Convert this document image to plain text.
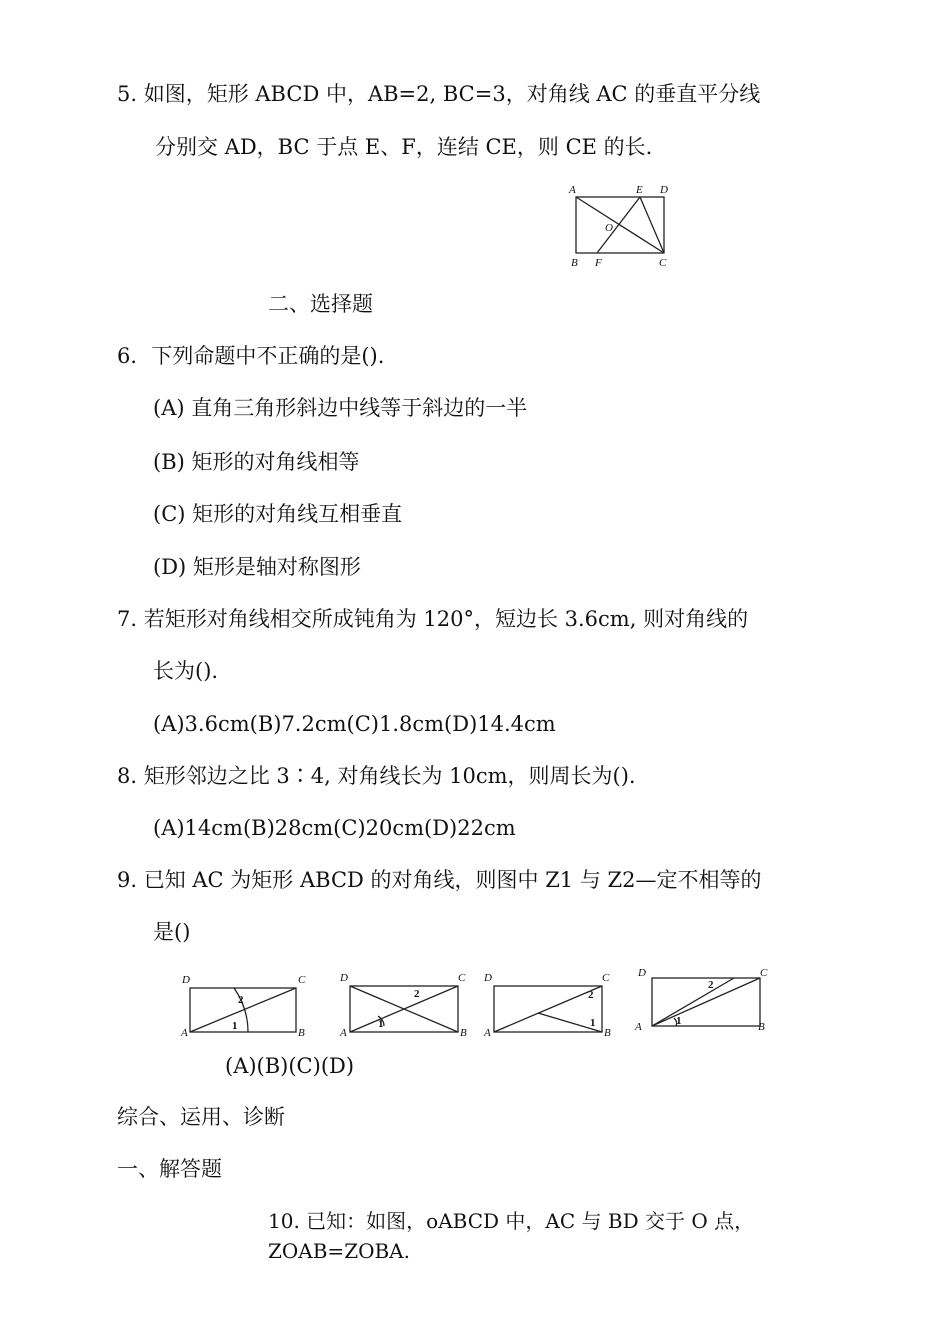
5. 如图，矩形 ABCD 中，AB=2, BC=3，对角线 AC 的垂直平分线
分别交 AD，BC 于点 E、F，连结 CE，则 CE 的长.
A	E D
O
B F	C
二、选择题
6．下列命题中不正确的是().
(A) 直角三角形斜边中线等于斜边的一半
(B) 矩形的对角线相等
(C) 矩形的对角线互相垂直
(D) 矩形是轴对称图形
7. 若矩形对角线相交所成钝角为 120°，短边长 3.6cm, 则对角线的
长为().
(A)3.6cm(B)7.2cm(C)1.8cm(D)14.4cm
8. 矩形邻边之比 3∶4, 对角线长为 10cm，则周长为().
(A)14cm(B)28cm(C)20cm(D)22cm
9. 已知 AC 为矩形 ABCD 的对角线，则图中 Z1 与 Z2—定不相等的
是()
D	C
A	B
2
1
D	C
A	B
2
1
D	C
A	B
2
1
D	C
A	B
2
1
(A)(B)(C)(D)
综合、运用、诊断
一、解答题
10. 已知：如图，oABCD 中，AC 与 BD 交于 O 点，
ZOAB=ZOBA.
